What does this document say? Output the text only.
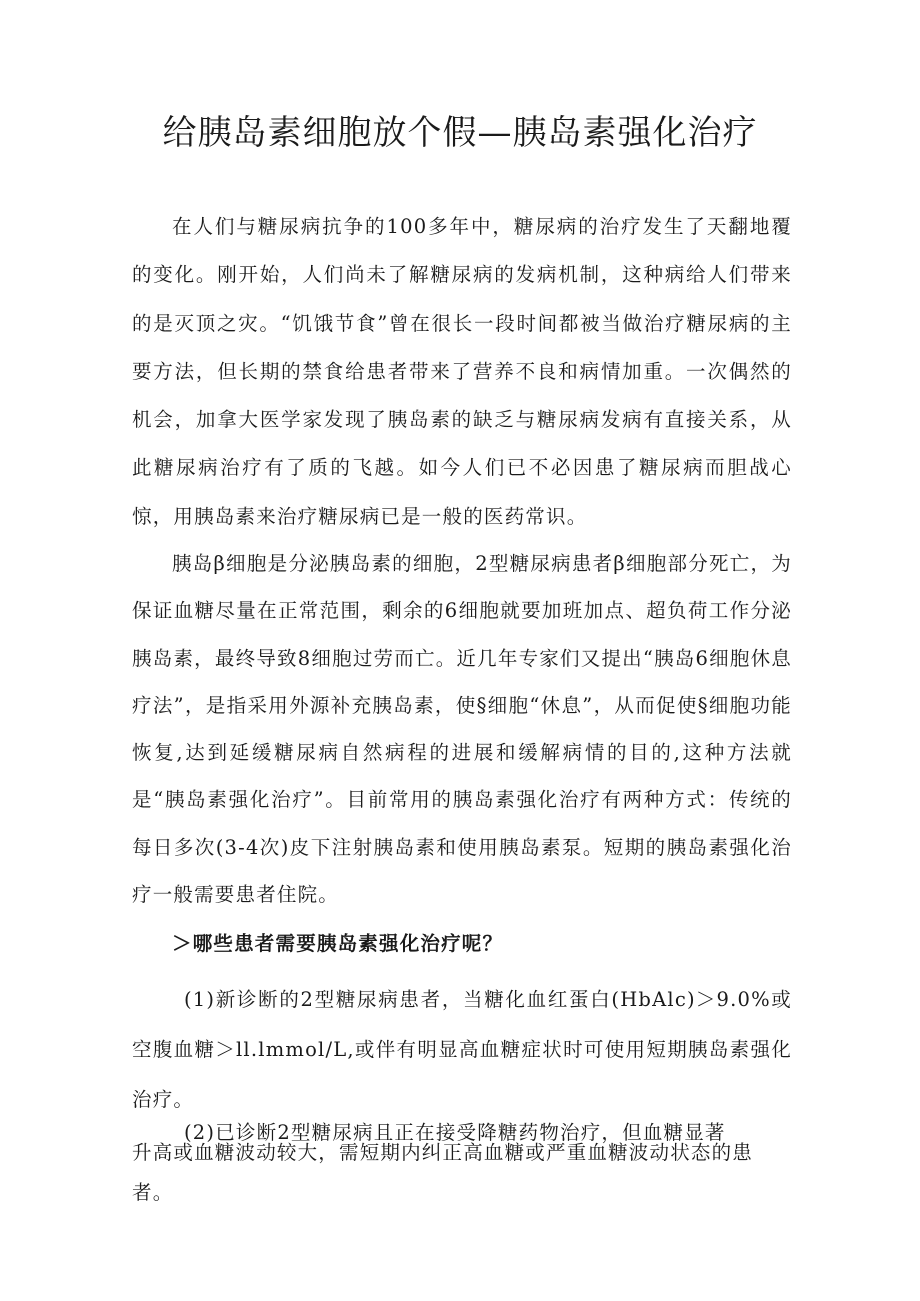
给胰岛素细胞放个假—胰岛素强化治疗

在人们与糖尿病抗争的100多年中，糖尿病的治疗发生了天翻地覆的变化。刚开始，人们尚未了解糖尿病的发病机制，这种病给人们带来的是灭顶之灾。“饥饿节食”曾在很长一段时间都被当做治疗糖尿病的主要方法，但长期的禁食给患者带来了营养不良和病情加重。一次偶然的机会，加拿大医学家发现了胰岛素的缺乏与糖尿病发病有直接关系，从此糖尿病治疗有了质的飞越。如今人们已不必因患了糖尿病而胆战心惊，用胰岛素来治疗糖尿病已是一般的医药常识。

胰岛β细胞是分泌胰岛素的细胞，2型糖尿病患者β细胞部分死亡，为保证血糖尽量在正常范围，剩余的6细胞就要加班加点、超负荷工作分泌胰岛素，最终导致8细胞过劳而亡。近几年专家们又提出“胰岛6细胞休息疗法”，是指采用外源补充胰岛素，使§细胞“休息”，从而促使§细胞功能恢复,达到延缓糖尿病自然病程的进展和缓解病情的目的,这种方法就是“胰岛素强化治疗”。目前常用的胰岛素强化治疗有两种方式：传统的每日多次(3-4次)皮下注射胰岛素和使用胰岛素泵。短期的胰岛素强化治疗一般需要患者住院。

＞哪些患者需要胰岛素强化治疗呢？

(1)新诊断的2型糖尿病患者，当糖化血红蛋白(HbAlc)＞9.0%或空腹血糖＞ll.lmmol/L,或伴有明显高血糖症状时可使用短期胰岛素强化治疗。

(2)已诊断2型糖尿病且正在接受降糖药物治疗，但血糖显著

升高或血糖波动较大，需短期内纠正高血糖或严重血糖波动状态的患者。
